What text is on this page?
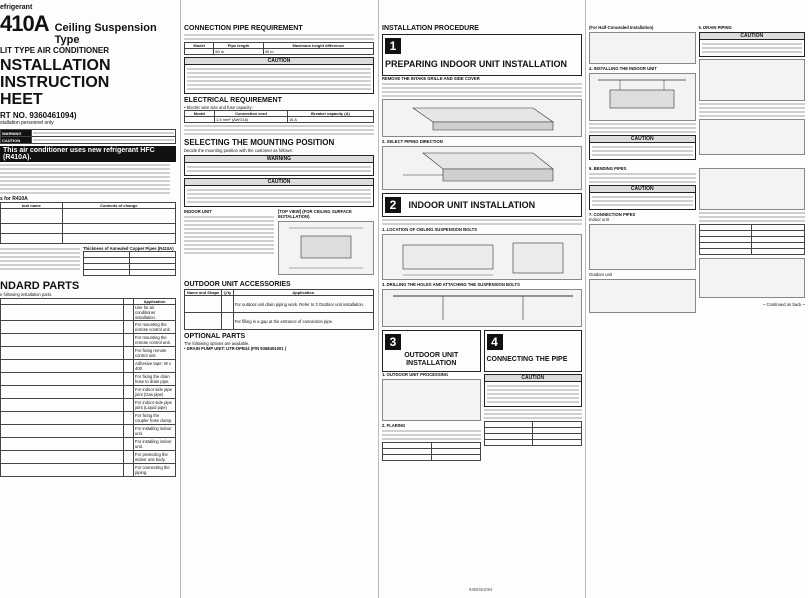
efrigerant
410A Ceiling Suspension Type
LIT TYPE AIR CONDITIONER
NSTALLATION INSTRUCTION
HEET
RT NO. 9360461094)
stallation personnel only
WARNING	

CAUTION	
This air conditioner uses new refrigerant HFC (R410A).
s for R410A
tool name	Contents of change

Thickness of Annealed Copper Pipes (R410A)

NDARD PARTS
e following installation parts.
		Application
		Use for air conditioner installation.
		For mounting the remote control unit.
		For mounting the remote control unit.
		For fixing remote control unit.
		Adhesive tape: W x 400
		For fixing the drain hose to drain pipe.
		For indoor side pipe joint (Gas pipe)
		For indoor side pipe joint (Liquid pipe)
		For fixing the coupler hose clamp.
		For installing indoor unit.
		For installing indoor unit.
		For protecting the indoor unit body.
		For connecting the piping.
CONNECTION PIPE REQUIREMENT
Model	Pipe length	Maximum height difference
	50 m	30 m
CAUTION
ELECTRICAL REQUIREMENT
• Electric wire size and fuse capacity:
Model	Connection cord	Breaker capacity (A)
	1.5 mm² (AWG16)	15 A
SELECTING THE MOUNTING POSITION
Decide the mounting position with the customer as follows:
WARNING
CAUTION
INDOOR UNIT	[TOP VIEW] (FOR CEILING SURFACE INSTALLATION)
OUTDOOR UNIT ACCESSORIES
Name and Shape	Q'ty	Application
		For outdoor unit drain piping work. Refer to 3 Outdoor unit installation.
		For filling in a gap at the entrance of connection pipe.
OPTIONAL PARTS
The following options are available.
• DRAIN PUMP UNIT: UTR-DPB24 (P/N 9368451001 )
INSTALLATION PROCEDURE
1 PREPARING INDOOR UNIT INSTALLATION
REMOVE THE INTAKE GRILLE AND SIDE COVER
2. SELECT PIPING DIRECTION
2 INDOOR UNIT INSTALLATION
1. LOCATION OF CEILING SUSPENSION BOLTS
3. DRILLING THE HOLES AND ATTACHING THE SUSPENSION BOLTS
3 OUTDOOR UNIT INSTALLATION
4 CONNECTING THE PIPE
1. OUTDOOR UNIT PROCESSING
2. FLARING

CAUTION

(For Half-Concealed Installation)
4. INSTALLING THE INDOOR UNIT
CAUTION
5. DRAIN PIPING
CAUTION
6. BENDING PIPES
CAUTION
7. CONNECTION PIPES
Indoor unit
Outdoor unit

~ Continued on back ~
9360461094
